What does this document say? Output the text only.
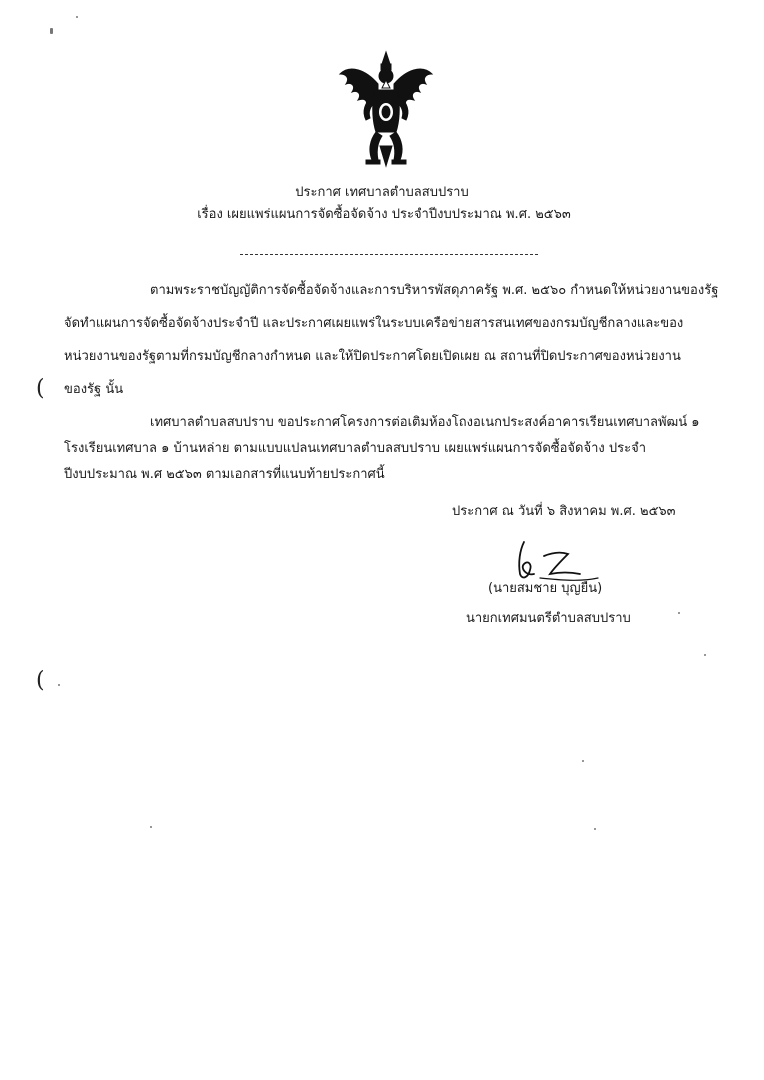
ประกาศ เทศบาลตำบลสบปราบ
เรื่อง เผยแพร่แผนการจัดซื้อจัดจ้าง ประจำปีงบประมาณ พ.ศ. ๒๕๖๓
ตามพระราชบัญญัติการจัดซื้อจัดจ้างและการบริหารพัสดุภาครัฐ พ.ศ. ๒๕๖๐ กำหนดให้หน่วยงานของรัฐ
จัดทำแผนการจัดซื้อจัดจ้างประจำปี และประกาศเผยแพร่ในระบบเครือข่ายสารสนเทศของกรมบัญชีกลางและของ
หน่วยงานของรัฐตามที่กรมบัญชีกลางกำหนด และให้ปิดประกาศโดยเปิดเผย ณ สถานที่ปิดประกาศของหน่วยงาน
ของรัฐ นั้น
เทศบาลตำบลสบปราบ ขอประกาศโครงการต่อเติมห้องโถงอเนกประสงค์อาคารเรียนเทศบาลพัฒน์ ๑
โรงเรียนเทศบาล ๑ บ้านหล่าย ตามแบบแปลนเทศบาลตำบลสบปราบ เผยแพร่แผนการจัดซื้อจัดจ้าง ประจำ
ปีงบประมาณ พ.ศ ๒๕๖๓ ตามเอกสารที่แนบท้ายประกาศนี้
ประกาศ ณ วันที่ ๖ สิงหาคม พ.ศ. ๒๕๖๓
(นายสมชาย บุญยืน)
นายกเทศมนตรีตำบลสบปราบ
(
(
